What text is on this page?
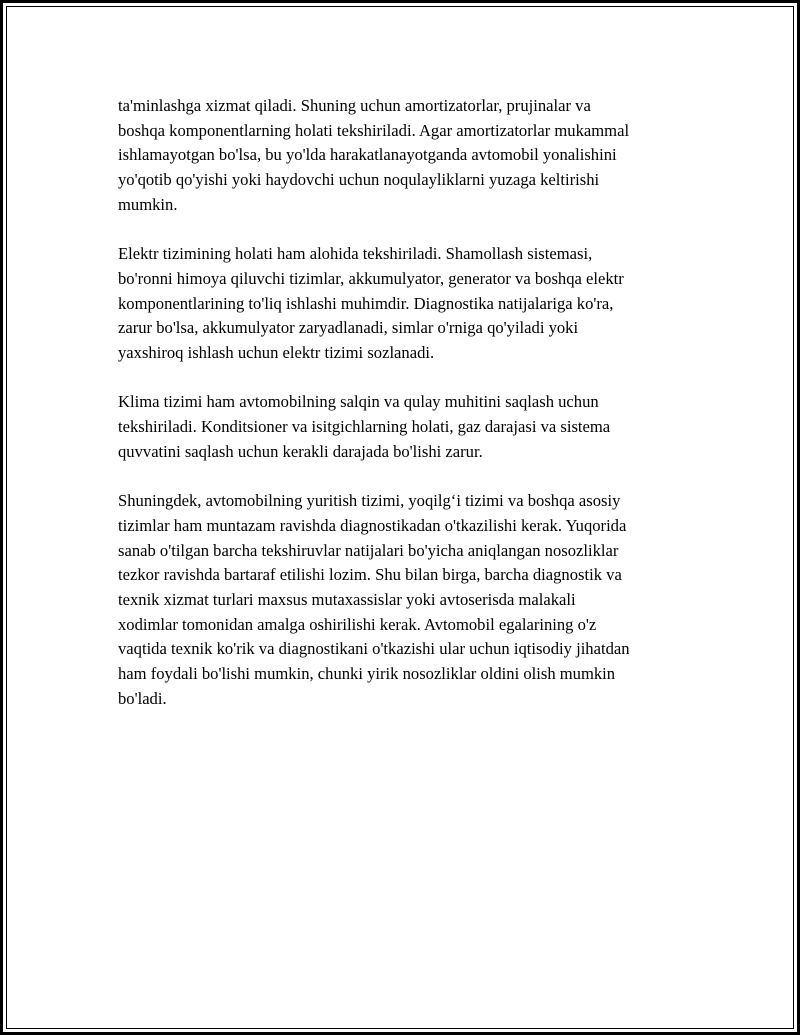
ta'minlashga xizmat qiladi. Shuning uchun amortizatorlar, prujinalar va
boshqa komponentlarning holati tekshiriladi. Agar amortizatorlar mukammal
ishlamayotgan bo'lsa, bu yo'lda harakatlanayotganda avtomobil yonalishini
yo'qotib qo'yishi yoki haydovchi uchun noqulayliklarni yuzaga keltirishi
mumkin.

Elektr tizimining holati ham alohida tekshiriladi. Shamollash sistemasi,
bo'ronni himoya qiluvchi tizimlar, akkumulyator, generator va boshqa elektr
komponentlarining to'liq ishlashi muhimdir. Diagnostika natijalariga ko'ra,
zarur bo'lsa, akkumulyator zaryadlanadi, simlar o'rniga qo'yiladi yoki
yaxshiroq ishlash uchun elektr tizimi sozlanadi.

Klima tizimi ham avtomobilning salqin va qulay muhitini saqlash uchun
tekshiriladi. Konditsioner va isitgichlarning holati, gaz darajasi va sistema
quvvatini saqlash uchun kerakli darajada bo'lishi zarur.

Shuningdek, avtomobilning yuritish tizimi, yoqilg‘i tizimi va boshqa asosiy
tizimlar ham muntazam ravishda diagnostikadan o'tkazilishi kerak. Yuqorida
sanab o'tilgan barcha tekshiruvlar natijalari bo'yicha aniqlangan nosozliklar
tezkor ravishda bartaraf etilishi lozim. Shu bilan birga, barcha diagnostik va
texnik xizmat turlari maxsus mutaxassislar yoki avtoserisda malakali
xodimlar tomonidan amalga oshirilishi kerak. Avtomobil egalarining o'z
vaqtida texnik ko'rik va diagnostikani o'tkazishi ular uchun iqtisodiy jihatdan
ham foydali bo'lishi mumkin, chunki yirik nosozliklar oldini olish mumkin
bo'ladi.
